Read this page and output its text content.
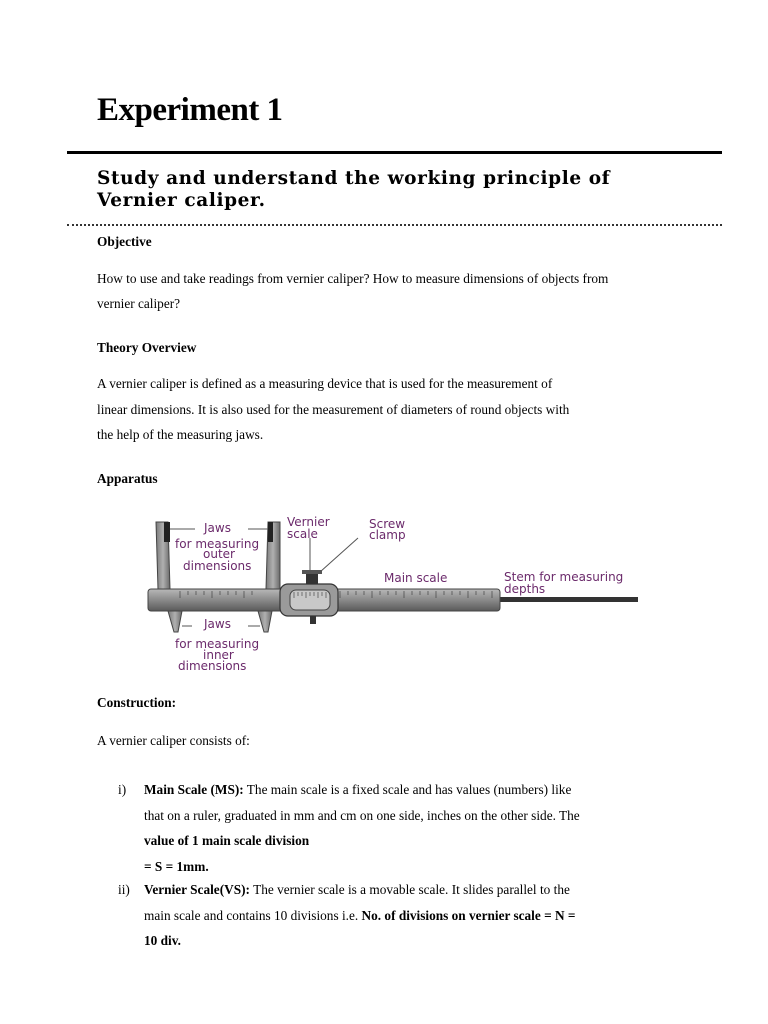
Experiment 1
Study and understand the working principle of Vernier caliper.
Objective
How to use and take readings from vernier caliper? How to measure dimensions of objects from
vernier caliper?
Theory Overview
A vernier caliper is defined as a measuring device that is used for the measurement of
linear dimensions. It is also used for the measurement of diameters of round objects with
the help of the measuring jaws.
Apparatus
Jaws
for measuring
outer
dimensions
Vernier
scale
Screw
clamp
Main scale	Stem for measuring
depths
Jaws
for measuring
inner
dimensions
Construction:
A vernier caliper consists of:
i)	Main Scale (MS): The main scale is a fixed scale and has values (numbers) like
that on a ruler, graduated in mm and cm on one side, inches on the other side. The
value of 1 main scale division
= S = 1mm.
ii)	Vernier Scale(VS): The vernier scale is a movable scale. It slides parallel to the
main scale and contains 10 divisions i.e. No. of divisions on vernier scale = N =
10 div.
